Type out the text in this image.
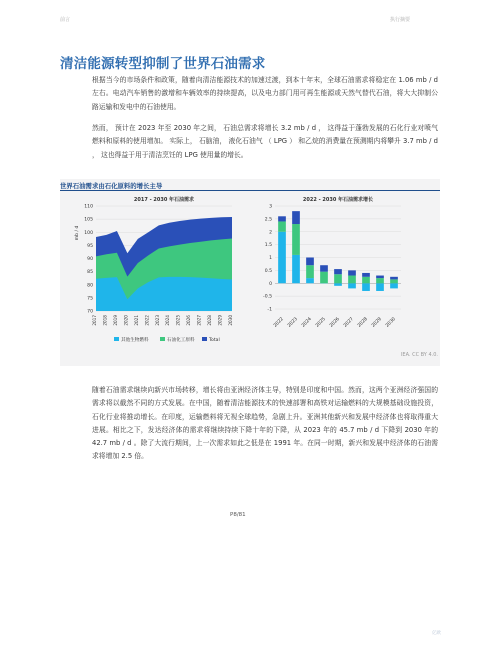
前言	执行摘要
清洁能源转型抑制了世界石油需求

根据当今的市场条件和政策，随着向清洁能源技术的加速过渡，到本十年末，全球石油需求将稳定在 1.06 mb / d 左右。电动汽车销售的激增和车辆效率的持续提高，以及电力部门用可再生能源或天然气替代石油，将大大抑制公路运输和发电中的石油使用。

然而， 预计在 2023 年至 2030 年之间， 石油总需求将增长 3.2 mb / d ， 这得益于蓬勃发展的石化行业对喷气燃料和原料的使用增加。 实际上， 石脑油， 液化石油气 （ LPG ） 和乙烷的消费量在预测期内将攀升 3.7 mb / d ， 这也得益于用于清洁烹饪的 LPG 使用量的增长。

世界石油需求由石化原料的增长主导
2017 - 2030 年石油需求
mb / d
70
75
80
85
90
95
100
105
110
2017 2018 2019 2020 2021 2022 2023 2024 2025 2026 2027 2028 2029 2030
其他生物燃料	石油化工原料	Total
2022 - 2030 年石油需求增长
3
2.5
2
1.5
1
0.5
0
-0.5
-1
2022 2023 2024 2025 2026 2027 2028 2029 2030
IEA. CC BY 4.0.

随着石油需求继续向新兴市场转移，增长将由亚洲经济体主导，特别是印度和中国。然而，这两个亚洲经济强国的需求将以截然不同的方式发展。在中国，随着清洁能源技术的快速部署和高铁对运输燃料的大规模基础设施投资，石化行业将推动增长。在印度，运输燃料将无视全球趋势，急剧上升。亚洲其他新兴和发展中经济体也将取得重大进展。相比之下，发达经济体的需求将继续持续下降十年的下降，从 2023 年的 45.7 mb / d 下降到 2030 年的 42.7 mb / d 。除了大流行期间，上一次需求如此之低是在 1991 年。在同一时期，新兴和发展中经济体的石油需求将增加 2.5 倍。

P8/81
亿欧
